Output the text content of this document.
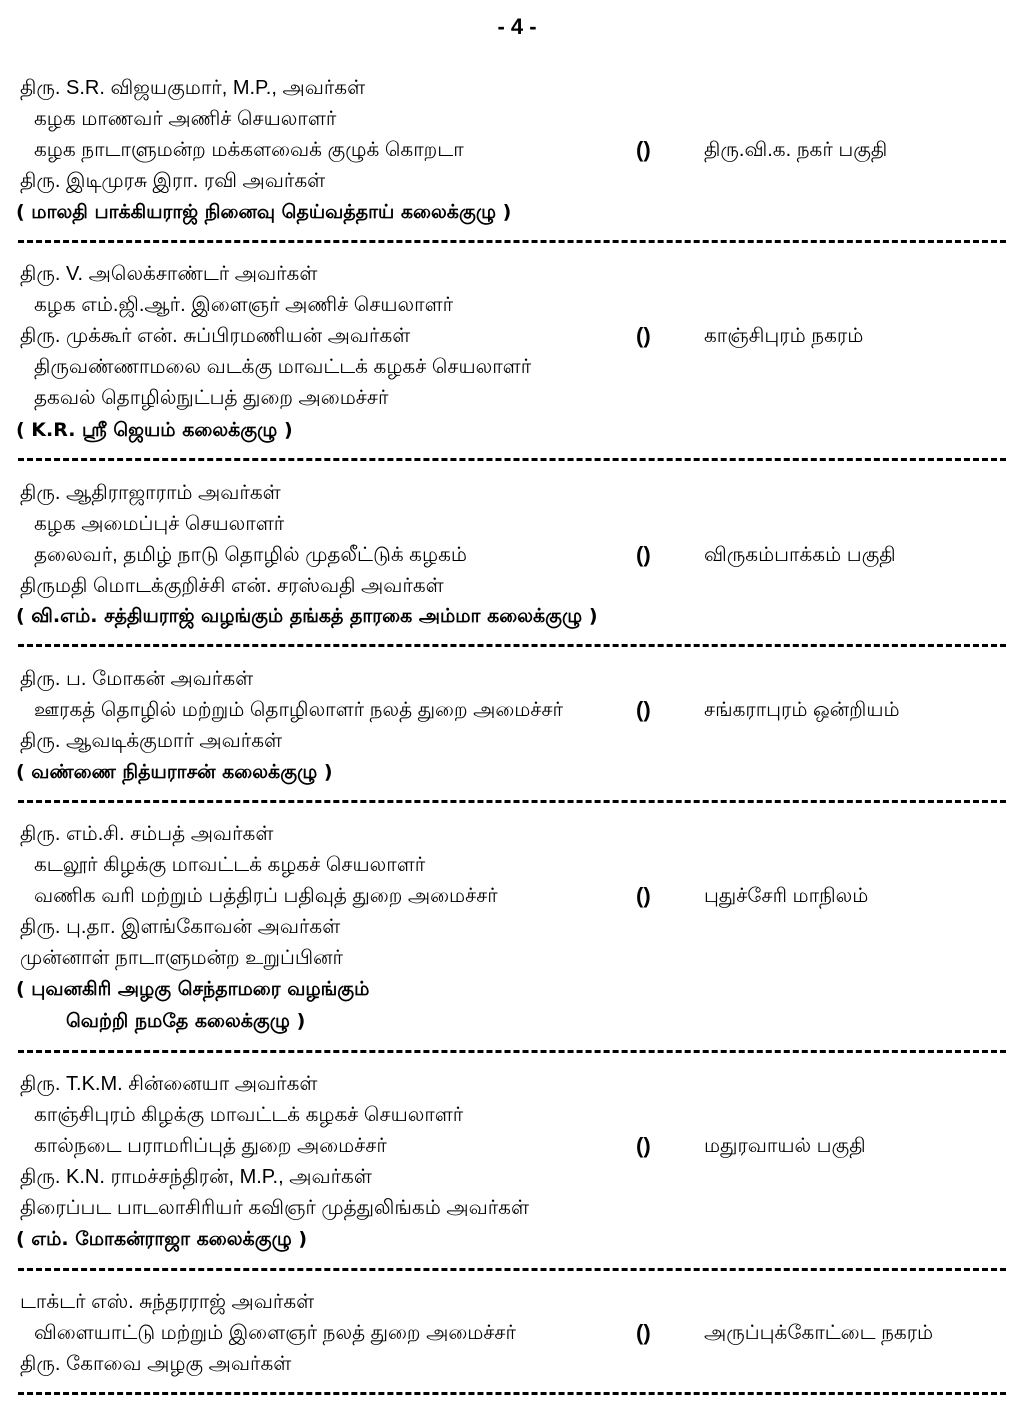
- 4 -
திரு. S.R. விஜயகுமார், M.P., அவர்கள்
கழக மாணவர் அணிச் செயலாளர்
கழக நாடாளுமன்ற மக்களவைக் குழுக் கொறடா	()	திரு.வி.க. நகர் பகுதி
திரு. இடிமுரசு இரா. ரவி அவர்கள்
( மாலதி பாக்கியராஜ் நினைவு தெய்வத்தாய் கலைக்குழு )
திரு. V. அலெக்சாண்டர் அவர்கள்
கழக எம்.ஜி.ஆர். இளைஞர் அணிச் செயலாளர்
திரு. முக்கூர் என். சுப்பிரமணியன் அவர்கள்	()	காஞ்சிபுரம் நகரம்
திருவண்ணாமலை வடக்கு மாவட்டக் கழகச் செயலாளர்
தகவல் தொழில்நுட்பத் துறை அமைச்சர்
( K.R. ஸ்ரீ ஜெயம் கலைக்குழு )
திரு. ஆதிராஜாராம் அவர்கள்
கழக அமைப்புச் செயலாளர்
தலைவர், தமிழ் நாடு தொழில் முதலீட்டுக் கழகம்	()	விருகம்பாக்கம் பகுதி
திருமதி மொடக்குறிச்சி என். சரஸ்வதி அவர்கள்
( வி.எம். சத்தியராஜ் வழங்கும் தங்கத் தாரகை அம்மா கலைக்குழு )
திரு. ப. மோகன் அவர்கள்
ஊரகத் தொழில் மற்றும் தொழிலாளர் நலத் துறை அமைச்சர்	()	சங்கராபுரம் ஒன்றியம்
திரு. ஆவடிக்குமார் அவர்கள்
( வண்ணை நித்யராசன் கலைக்குழு )
திரு. எம்.சி. சம்பத் அவர்கள்
கடலூர் கிழக்கு மாவட்டக் கழகச் செயலாளர்
வணிக வரி மற்றும் பத்திரப் பதிவுத் துறை அமைச்சர்	()	புதுச்சேரி மாநிலம்
திரு. பு.தா. இளங்கோவன் அவர்கள்
முன்னாள் நாடாளுமன்ற உறுப்பினர்
( புவனகிரி அழகு செந்தாமரை வழங்கும்
வெற்றி நமதே கலைக்குழு )
திரு. T.K.M. சின்னையா அவர்கள்
காஞ்சிபுரம் கிழக்கு மாவட்டக் கழகச் செயலாளர்
கால்நடை பராமரிப்புத் துறை அமைச்சர்	()	மதுரவாயல் பகுதி
திரு. K.N. ராமச்சந்திரன், M.P., அவர்கள்
திரைப்பட பாடலாசிரியர் கவிஞர் முத்துலிங்கம் அவர்கள்
( எம். மோகன்ராஜா கலைக்குழு )
டாக்டர் எஸ். சுந்தரராஜ் அவர்கள்
விளையாட்டு மற்றும் இளைஞர் நலத் துறை அமைச்சர்	()	அருப்புக்கோட்டை நகரம்
திரு. கோவை அழகு அவர்கள்
